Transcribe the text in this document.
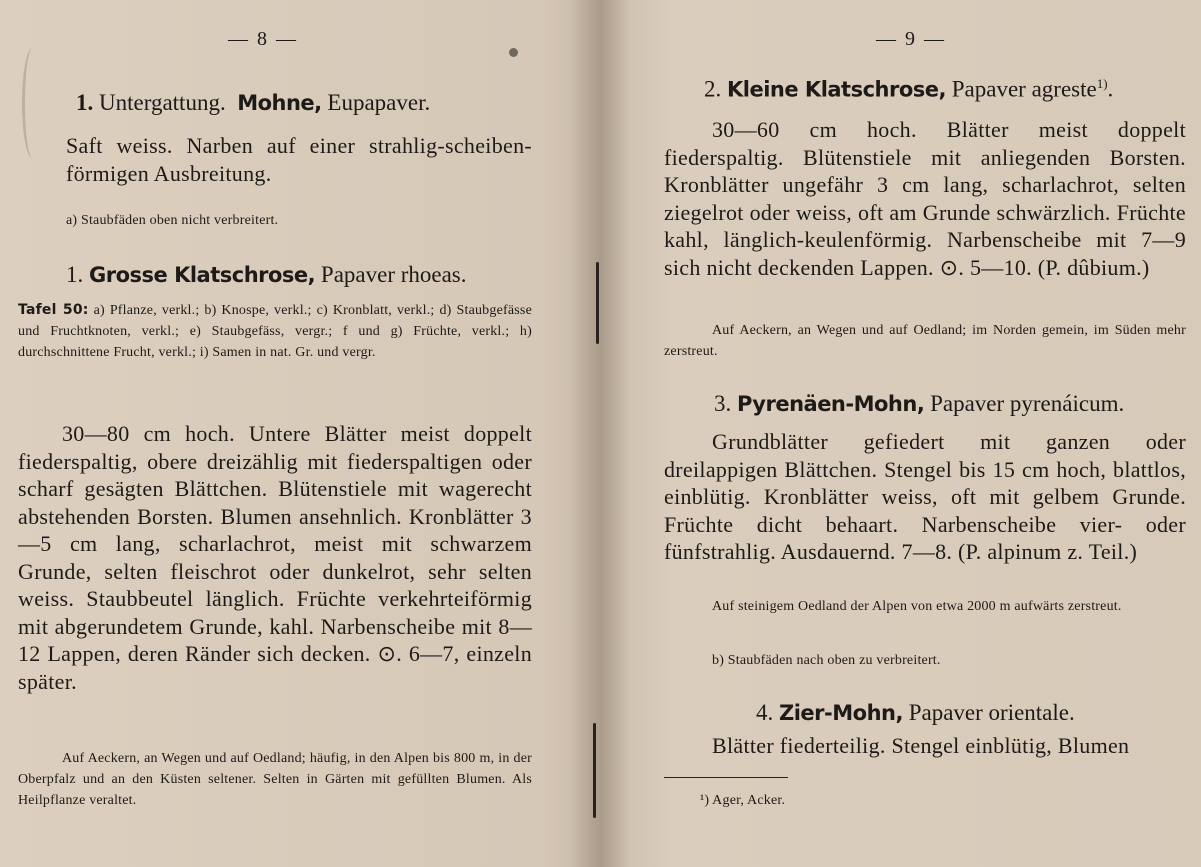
— 8 —
1. Untergattung. Mohne, Eupapaver.

Saft weiss. Narben auf einer strahlig-scheiben-förmigen Ausbreitung.

a) Staubfäden oben nicht verbreitert.

1. Grosse Klatschrose, Papaver rhoeas.

Tafel 50: a) Pflanze, verkl.; b) Knospe, verkl.; c) Kronblatt, verkl.; d) Staubgefässe und Fruchtknoten, verkl.; e) Staubgefäss, vergr.; f und g) Früchte, verkl.; h) durchschnittene Frucht, verkl.; i) Samen in nat. Gr. und vergr.

30—80 cm hoch. Untere Blätter meist doppelt fiederspaltig, obere dreizählig mit fiederspaltigen oder scharf gesägten Blättchen. Blütenstiele mit wagerecht abstehenden Borsten. Blumen ansehnlich. Kronblätter 3—5 cm lang, scharlachrot, meist mit schwarzem Grunde, selten fleischrot oder dunkelrot, sehr selten weiss. Staubbeutel länglich. Früchte verkehrteiförmig mit abgerundetem Grunde, kahl. Narbenscheibe mit 8—12 Lappen, deren Ränder sich decken. ⊙. 6—7, einzeln später.

Auf Aeckern, an Wegen und auf Oedland; häufig, in den Alpen bis 800 m, in der Oberpfalz und an den Küsten seltener. Selten in Gärten mit gefüllten Blumen. Als Heilpflanze veraltet.

— 9 —
2. Kleine Klatschrose, Papaver agreste$^{1)}$.

30—60 cm hoch. Blätter meist doppelt fiederspaltig. Blütenstiele mit anliegenden Borsten. Kronblätter ungefähr 3 cm lang, scharlachrot, selten ziegelrot oder weiss, oft am Grunde schwärzlich. Früchte kahl, länglich-keulenförmig. Narbenscheibe mit 7—9 sich nicht deckenden Lappen. ⊙. 5—10. (P. dûbium.)

Auf Aeckern, an Wegen und auf Oedland; im Norden gemein, im Süden mehr zerstreut.

3. Pyrenäen-Mohn, Papaver pyrenáicum.

Grundblätter gefiedert mit ganzen oder dreilappigen Blättchen. Stengel bis 15 cm hoch, blattlos, einblütig. Kronblätter weiss, oft mit gelbem Grunde. Früchte dicht behaart. Narbenscheibe vier- oder fünfstrahlig. Ausdauernd. 7—8. (P. alpinum z. Teil.)

Auf steinigem Oedland der Alpen von etwa 2000 m aufwärts zerstreut.

b) Staubfäden nach oben zu verbreitert.

4. Zier-Mohn, Papaver orientale.

Blätter fiederteilig. Stengel einblütig, Blumen

¹) Ager, Acker.
